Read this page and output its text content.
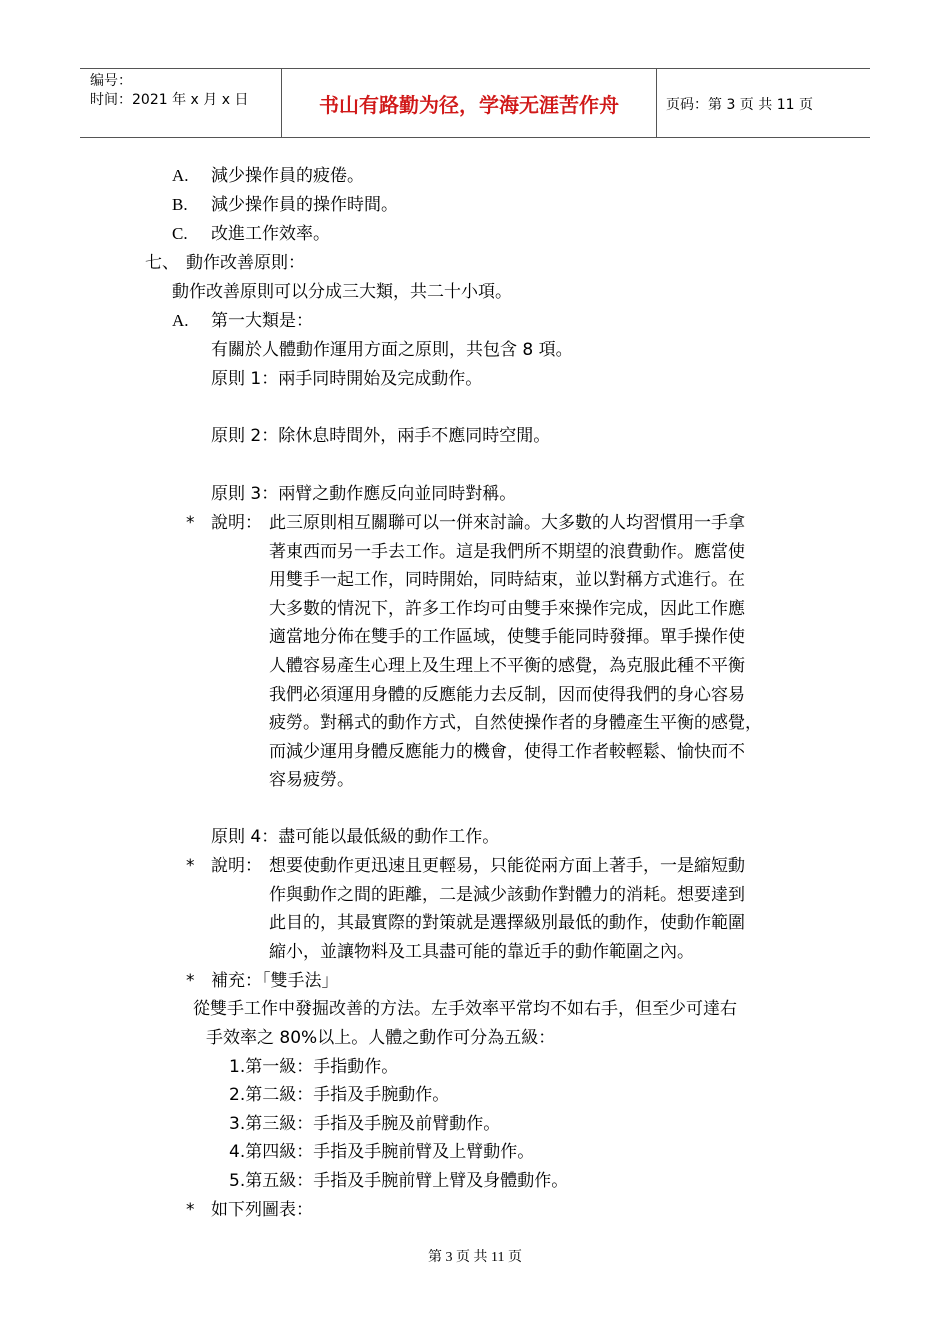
编号：
时间：2021 年 x 月 x 日	书山有路勤为径，学海无涯苦作舟	页码：第 3 页 共 11 页
A. 減少操作員的疲倦。
B. 減少操作員的操作時間。
C. 改進工作效率。
七、 動作改善原則：
動作改善原則可以分成三大類，共二十小項。
A. 第一大類是：
有關於人體動作運用方面之原則，共包含 8 項。
原則 1：兩手同時開始及完成動作。
原則 2：除休息時間外，兩手不應同時空閒。
原則 3：兩臂之動作應反向並同時對稱。
* 說明： 此三原則相互關聯可以一併來討論。大多數的人均習慣用一手拿
著東西而另一手去工作。這是我們所不期望的浪費動作。應當使
用雙手一起工作，同時開始，同時結束，並以對稱方式進行。在
大多數的情況下，許多工作均可由雙手來操作完成，因此工作應
適當地分佈在雙手的工作區域，使雙手能同時發揮。單手操作使
人體容易產生心理上及生理上不平衡的感覺，為克服此種不平衡
我們必須運用身體的反應能力去反制，因而使得我們的身心容易
疲勞。對稱式的動作方式，自然使操作者的身體產生平衡的感覺，
而減少運用身體反應能力的機會，使得工作者較輕鬆、愉快而不
容易疲勞。
原則 4：盡可能以最低級的動作工作。
* 說明： 想要使動作更迅速且更輕易，只能從兩方面上著手，一是縮短動
作與動作之間的距離，二是減少該動作對體力的消耗。想要達到
此目的，其最實際的對策就是選擇級別最低的動作，使動作範圍
縮小，並讓物料及工具盡可能的靠近手的動作範圍之內。
* 補充：「雙手法」
從雙手工作中發掘改善的方法。左手效率平常均不如右手，但至少可達右
手效率之 80%以上。人體之動作可分為五級：
1.第一級：手指動作。
2.第二級：手指及手腕動作。
3.第三級：手指及手腕及前臂動作。
4.第四級：手指及手腕前臂及上臂動作。
5.第五級：手指及手腕前臂上臂及身體動作。
* 如下列圖表：
第 3 页 共 11 页
